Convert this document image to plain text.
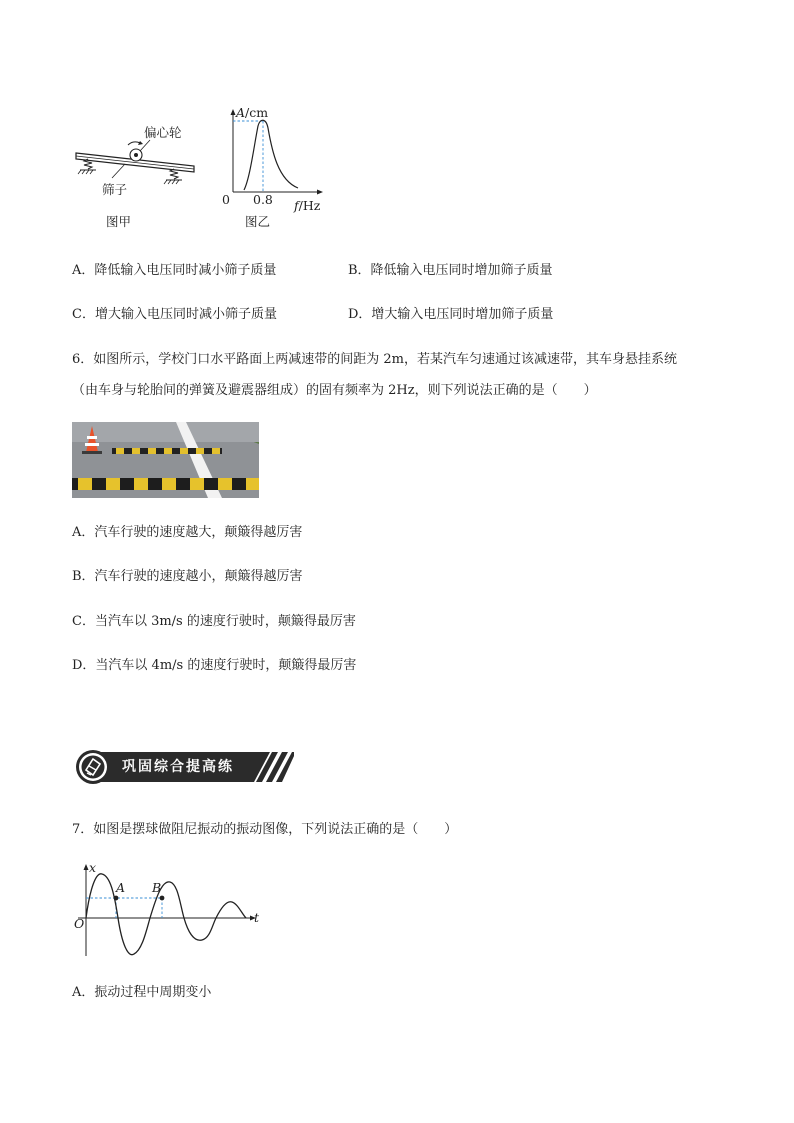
偏心轮
筛子
图甲
A/cm
0 0.8 f/Hz
图乙
A．降低输入电压同时减小筛子质量	B．降低输入电压同时增加筛子质量
C．增大输入电压同时减小筛子质量	D．增大输入电压同时增加筛子质量
6．如图所示，学校门口水平路面上两减速带的间距为 2m，若某汽车匀速通过该减速带，其车身悬挂系统
（由车身与轮胎间的弹簧及避震器组成）的固有频率为 2Hz，则下列说法正确的是（　　）
A．汽车行驶的速度越大，颠簸得越厉害
B．汽车行驶的速度越小，颠簸得越厉害
C．当汽车以 3m/s 的速度行驶时，颠簸得最厉害
D．当汽车以 4m/s 的速度行驶时，颠簸得最厉害
巩固综合提高练
7．如图是摆球做阻尼振动的振动图像，下列说法正确的是（　　）
x
t
O
A B
A．振动过程中周期变小
